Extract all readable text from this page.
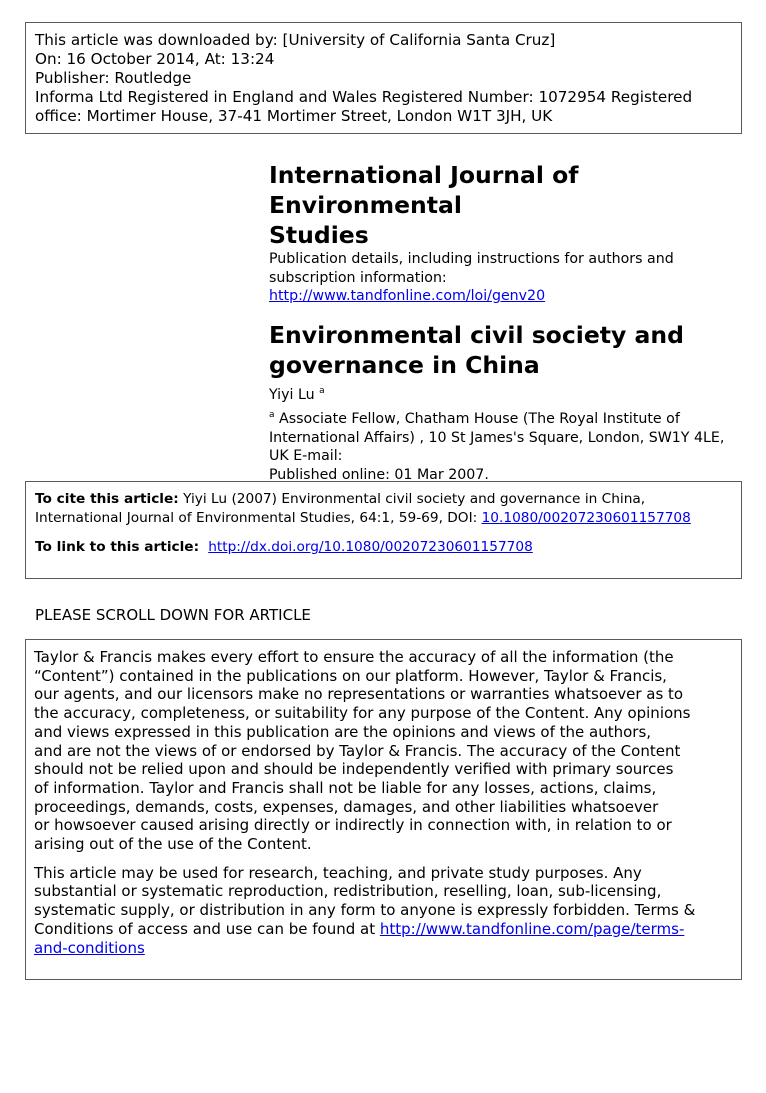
This article was downloaded by: [University of California Santa Cruz]
On: 16 October 2014, At: 13:24
Publisher: Routledge
Informa Ltd Registered in England and Wales Registered Number: 1072954 Registered
office: Mortimer House, 37-41 Mortimer Street, London W1T 3JH, UK
International Journal of Environmental
Studies
Publication details, including instructions for authors and
subscription information:
http://www.tandfonline.com/loi/genv20
Environmental civil society and
governance in China
Yiyi Lu $^a$
$^a$ Associate Fellow, Chatham House (The Royal Institute of
International Affairs) , 10 St James's Square, London, SW1Y 4LE,
UK E-mail:
Published online: 01 Mar 2007.
To cite this article: Yiyi Lu (2007) Environmental civil society and governance in China,
International Journal of Environmental Studies, 64:1, 59-69, DOI: 10.1080/00207230601157708
To link to this article:  http://dx.doi.org/10.1080/00207230601157708
PLEASE SCROLL DOWN FOR ARTICLE
Taylor & Francis makes every effort to ensure the accuracy of all the information (the
“Content”) contained in the publications on our platform. However, Taylor & Francis,
our agents, and our licensors make no representations or warranties whatsoever as to
the accuracy, completeness, or suitability for any purpose of the Content. Any opinions
and views expressed in this publication are the opinions and views of the authors,
and are not the views of or endorsed by Taylor & Francis. The accuracy of the Content
should not be relied upon and should be independently verified with primary sources
of information. Taylor and Francis shall not be liable for any losses, actions, claims,
proceedings, demands, costs, expenses, damages, and other liabilities whatsoever
or howsoever caused arising directly or indirectly in connection with, in relation to or
arising out of the use of the Content.
This article may be used for research, teaching, and private study purposes. Any
substantial or systematic reproduction, redistribution, reselling, loan, sub-licensing,
systematic supply, or distribution in any form to anyone is expressly forbidden. Terms &
Conditions of access and use can be found at http://www.tandfonline.com/page/terms-
and-conditions
